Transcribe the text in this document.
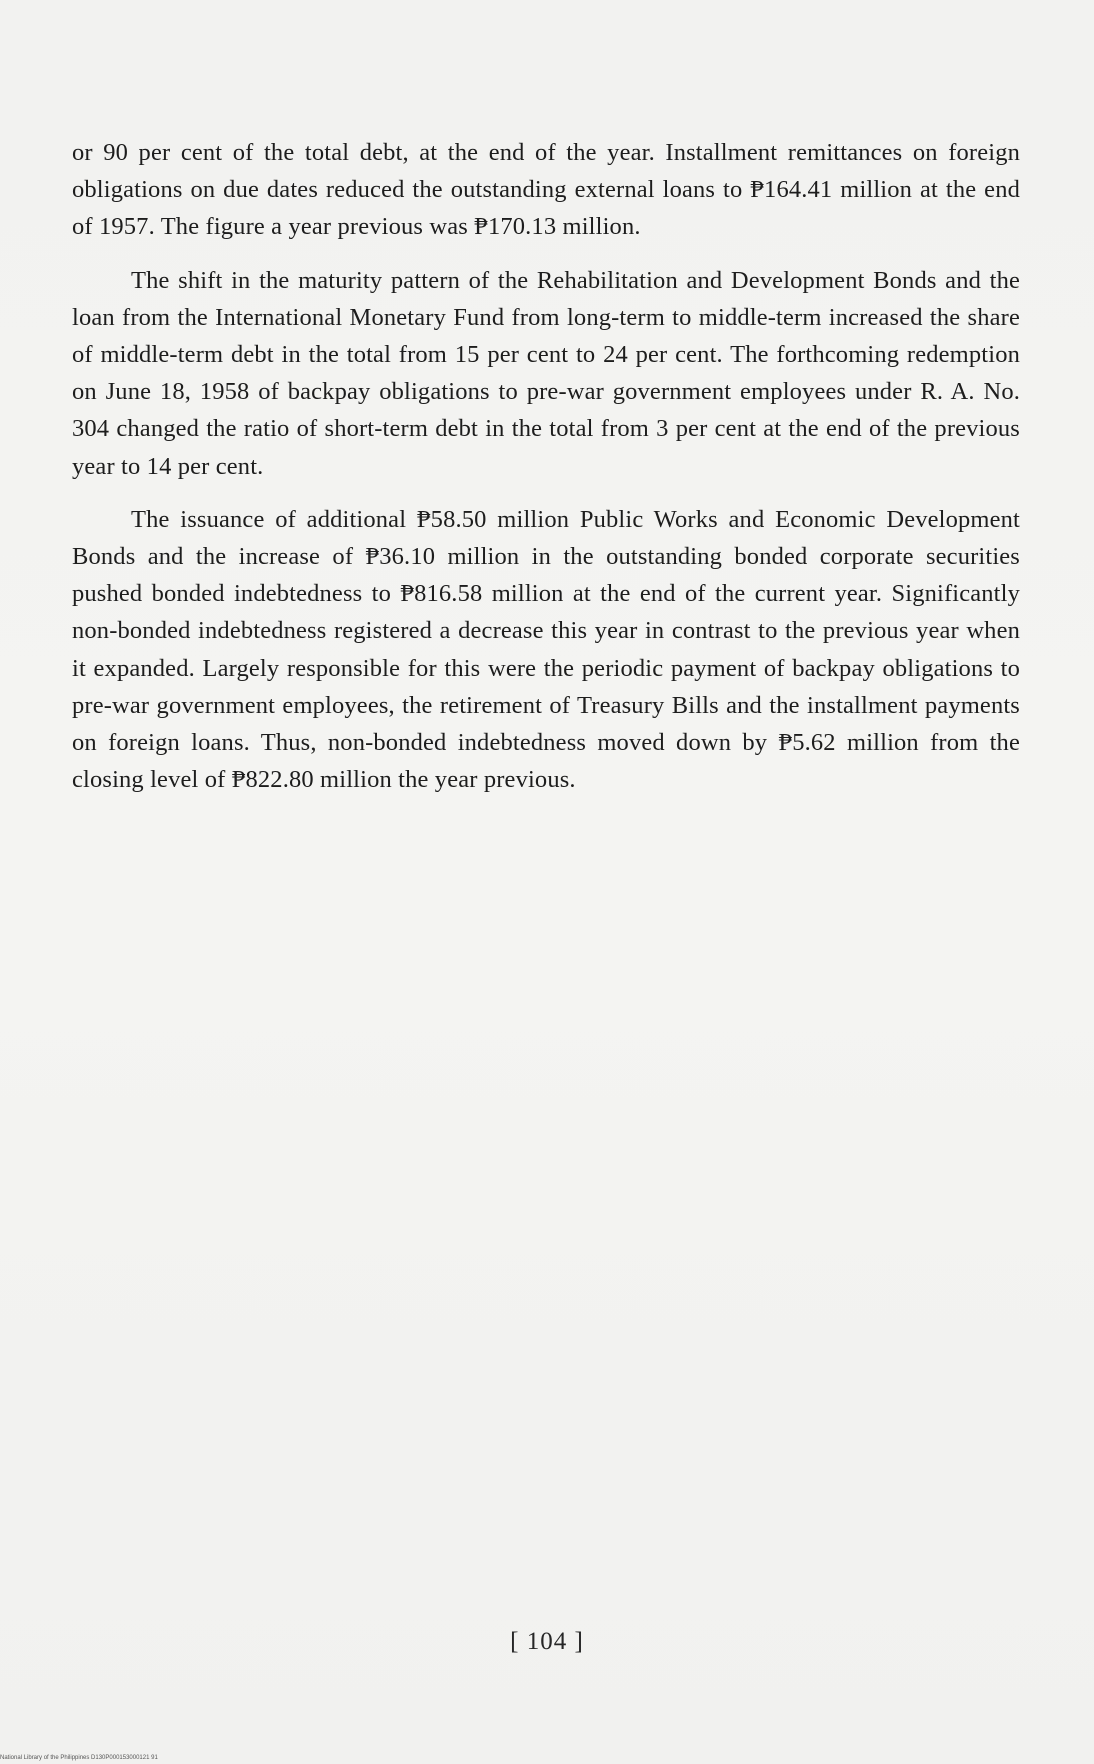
or 90 per cent of the total debt, at the end of the year. Installment remittances on foreign obligations on due dates reduced the outstanding external loans to ₱164.41 million at the end of 1957. The figure a year previous was ₱170.13 million.

The shift in the maturity pattern of the Rehabilitation and Development Bonds and the loan from the International Monetary Fund from long-term to middle-term increased the share of middle-term debt in the total from 15 per cent to 24 per cent. The forthcoming redemption on June 18, 1958 of backpay obligations to pre-war government employees under R. A. No. 304 changed the ratio of short-term debt in the total from 3 per cent at the end of the previous year to 14 per cent.

The issuance of additional ₱58.50 million Public Works and Economic Development Bonds and the increase of ₱36.10 million in the outstanding bonded corporate securities pushed bonded indebtedness to ₱816.58 million at the end of the current year. Significantly non-bonded indebtedness registered a decrease this year in contrast to the previous year when it expanded. Largely responsible for this were the periodic payment of backpay obligations to pre-war government employees, the retirement of Treasury Bills and the installment payments on foreign loans. Thus, non-bonded indebtedness moved down by ₱5.62 million from the closing level of ₱822.80 million the year previous.

[ 104 ]
National Library of the Philippines D130P000153000121 91
